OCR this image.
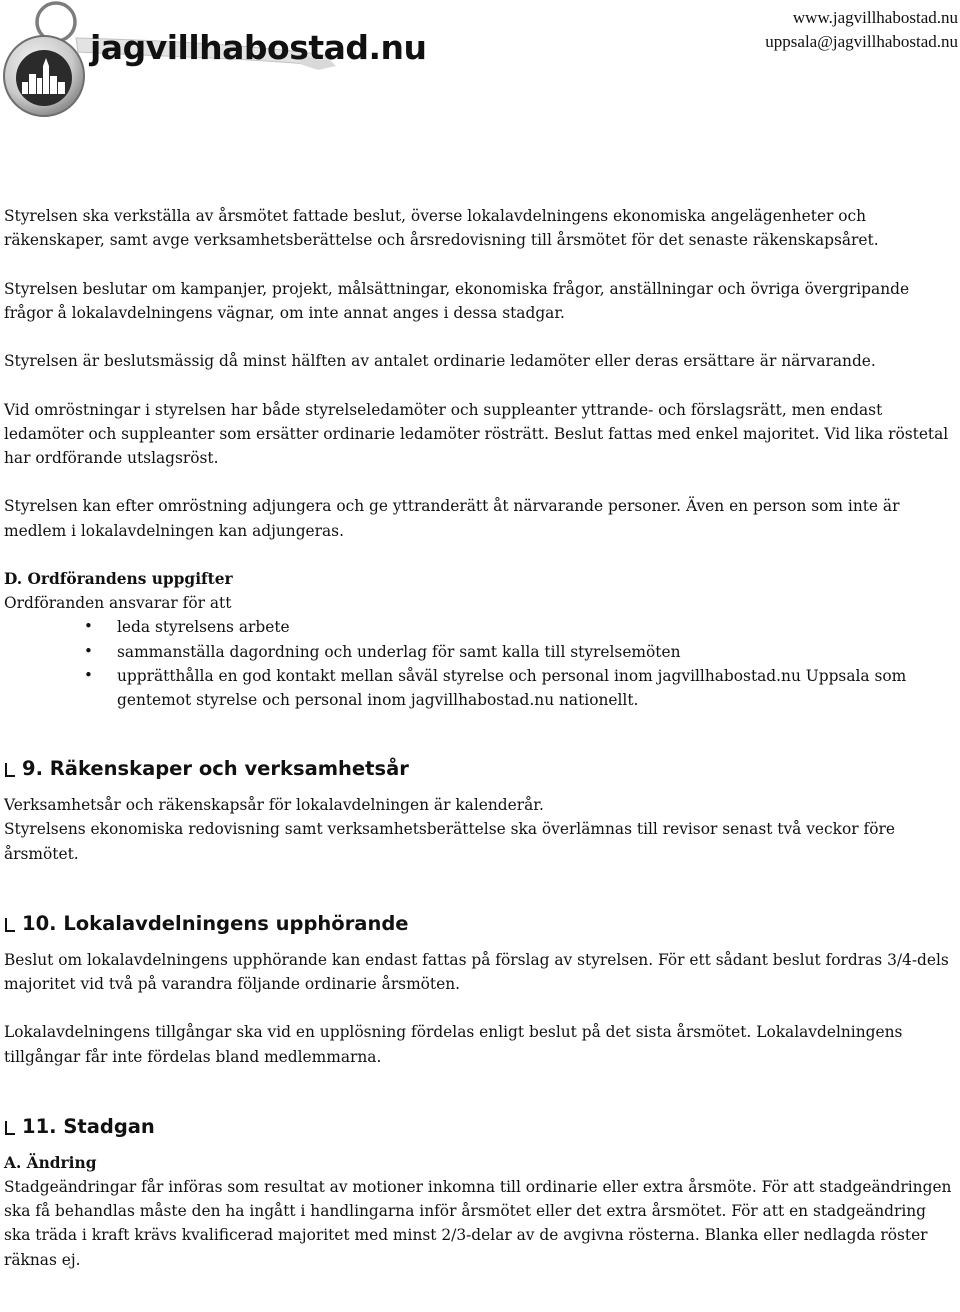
jagvillhabostad.nu
www.jagvillhabostad.nu
uppsala@jagvillhabostad.nu

Styrelsen ska verkställa av årsmötet fattade beslut, överse lokalavdelningens ekonomiska angelägenheter och räkenskaper, samt avge verksamhetsberättelse och årsredovisning till årsmötet för det senaste räkenskapsåret.

Styrelsen beslutar om kampanjer, projekt, målsättningar, ekonomiska frågor, anställningar och övriga övergripande frågor å lokalavdelningens vägnar, om inte annat anges i dessa stadgar.

Styrelsen är beslutsmässig då minst hälften av antalet ordinarie ledamöter eller deras ersättare är närvarande.

Vid omröstningar i styrelsen har både styrelseledamöter och suppleanter yttrande- och förslagsrätt, men endast ledamöter och suppleanter som ersätter ordinarie ledamöter rösträtt. Beslut fattas med enkel majoritet. Vid lika röstetal har ordförande utslagsröst.

Styrelsen kan efter omröstning adjungera och ge yttranderätt åt närvarande personer. Även en person som inte är medlem i lokalavdelningen kan adjungeras.

D. Ordförandens uppgifter

Ordföranden ansvarar för att

• leda styrelsens arbete
• sammanställa dagordning och underlag för samt kalla till styrelsemöten
• upprätthålla en god kontakt mellan såväl styrelse och personal inom jagvillhabostad.nu Uppsala som gentemot styrelse och personal inom jagvillhabostad.nu nationellt.
9. Räkenskaper och verksamhetsår

Verksamhetsår och räkenskapsår för lokalavdelningen är kalenderår.

Styrelsens ekonomiska redovisning samt verksamhetsberättelse ska överlämnas till revisor senast två veckor före årsmötet.

10. Lokalavdelningens upphörande

Beslut om lokalavdelningens upphörande kan endast fattas på förslag av styrelsen. För ett sådant beslut fordras 3/4-dels majoritet vid två på varandra följande ordinarie årsmöten.

Lokalavdelningens tillgångar ska vid en upplösning fördelas enligt beslut på det sista årsmötet. Lokalavdelningens tillgångar får inte fördelas bland medlemmarna.

11. Stadgan

A. Ändring

Stadgeändringar får införas som resultat av motioner inkomna till ordinarie eller extra årsmöte. För att stadgeändringen ska få behandlas måste den ha ingått i handlingarna inför årsmötet eller det extra årsmötet. För att en stadgeändring ska träda i kraft krävs kvalificerad majoritet med minst 2/3-delar av de avgivna rösterna. Blanka eller nedlagda röster räknas ej.
